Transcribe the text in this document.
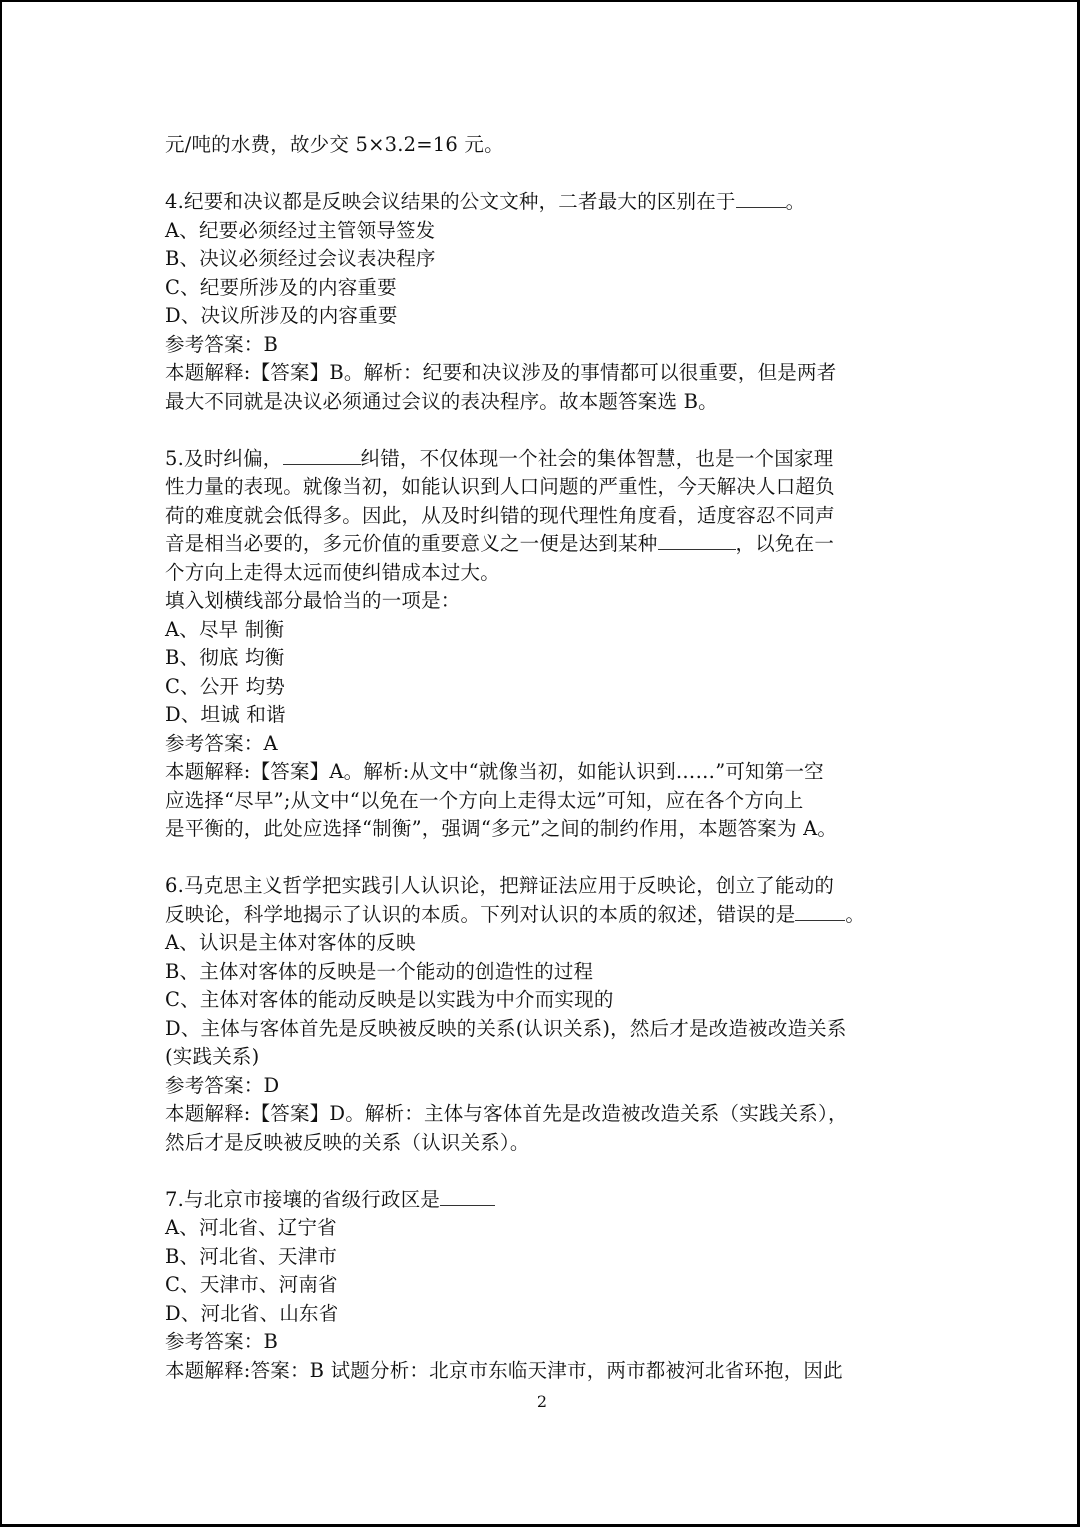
元/吨的水费，故少交 5×3.2=16 元。
4.纪要和决议都是反映会议结果的公文文种，二者最大的区别在于	。
A、纪要必须经过主管领导签发
B、决议必须经过会议表决程序
C、纪要所涉及的内容重要
D、决议所涉及的内容重要
参考答案：B
本题解释:【答案】B。解析：纪要和决议涉及的事情都可以很重要，但是两者
最大不同就是决议必须通过会议的表决程序。故本题答案选 B。
5.及时纠偏，	纠错，不仅体现一个社会的集体智慧，也是一个国家理
性力量的表现。就像当初，如能认识到人口问题的严重性，今天解决人口超负
荷的难度就会低得多。因此，从及时纠错的现代理性角度看，适度容忍不同声
音是相当必要的，多元价值的重要意义之一便是达到某种	，以免在一
个方向上走得太远而使纠错成本过大。
填入划横线部分最恰当的一项是：
A、尽早 制衡
B、彻底 均衡
C、公开 均势
D、坦诚 和谐
参考答案：A
本题解释:【答案】A。解析:从文中“就像当初，如能认识到……”可知第一空
应选择“尽早”;从文中“以免在一个方向上走得太远”可知，应在各个方向上
是平衡的，此处应选择“制衡”，强调“多元”之间的制约作用，本题答案为 A。
6.马克思主义哲学把实践引人认识论，把辩证法应用于反映论，创立了能动的
反映论，科学地揭示了认识的本质。下列对认识的本质的叙述，错误的是	。
A、认识是主体对客体的反映
B、主体对客体的反映是一个能动的创造性的过程
C、主体对客体的能动反映是以实践为中介而实现的
D、主体与客体首先是反映被反映的关系(认识关系)，然后才是改造被改造关系
(实践关系)
参考答案：D
本题解释:【答案】D。解析：主体与客体首先是改造被改造关系（实践关系），
然后才是反映被反映的关系（认识关系）。
7.与北京市接壤的省级行政区是
A、河北省、辽宁省
B、河北省、天津市
C、天津市、河南省
D、河北省、山东省
参考答案：B
本题解释:答案：B 试题分析：北京市东临天津市，两市都被河北省环抱，因此
2
